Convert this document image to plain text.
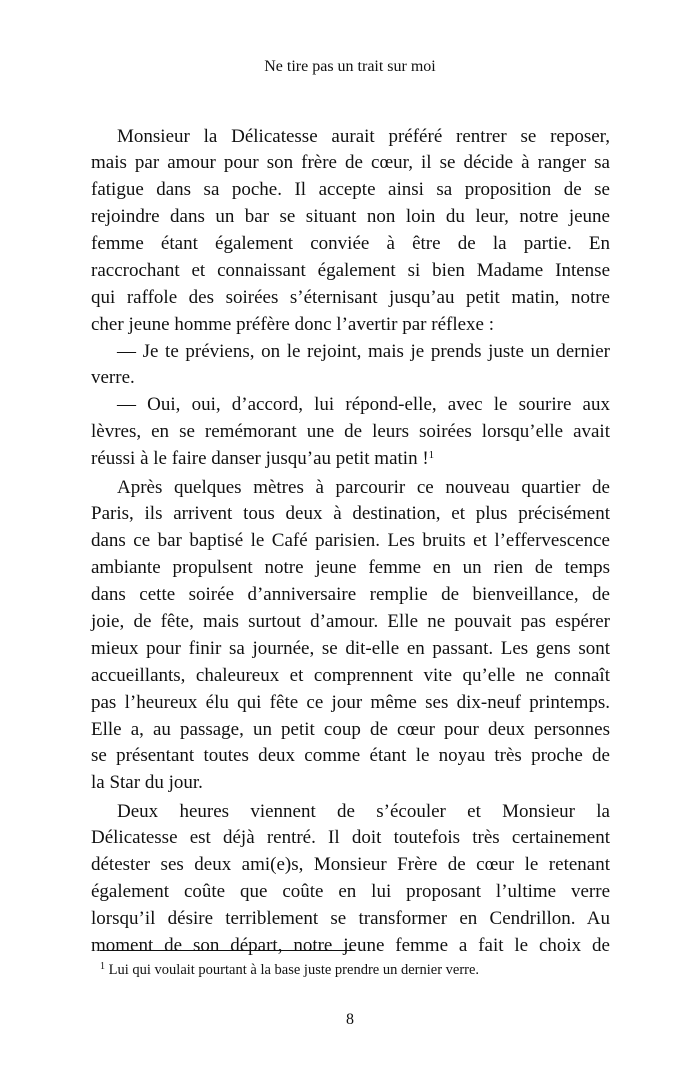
Ne tire pas un trait sur moi
Monsieur la Délicatesse aurait préféré rentrer se reposer,
mais par amour pour son frère de cœur, il se décide à ranger sa
fatigue dans sa poche. Il accepte ainsi sa proposition de se
rejoindre dans un bar se situant non loin du leur, notre jeune
femme étant également conviée à être de la partie. En
raccrochant et connaissant également si bien Madame Intense
qui raffole des soirées s’éternisant jusqu’au petit matin, notre
cher jeune homme préfère donc l’avertir par réflexe :
— Je te préviens, on le rejoint, mais je prends juste un dernier
verre.
— Oui, oui, d’accord, lui répond-elle, avec le sourire aux
lèvres, en se remémorant une de leurs soirées lorsqu’elle avait
réussi à le faire danser jusqu’au petit matin !$^1$
Après quelques mètres à parcourir ce nouveau quartier de
Paris, ils arrivent tous deux à destination, et plus précisément
dans ce bar baptisé le Café parisien. Les bruits et l’effervescence
ambiante propulsent notre jeune femme en un rien de temps
dans cette soirée d’anniversaire remplie de bienveillance, de
joie, de fête, mais surtout d’amour. Elle ne pouvait pas espérer
mieux pour finir sa journée, se dit-elle en passant. Les gens sont
accueillants, chaleureux et comprennent vite qu’elle ne connaît
pas l’heureux élu qui fête ce jour même ses dix-neuf printemps.
Elle a, au passage, un petit coup de cœur pour deux personnes
se présentant toutes deux comme étant le noyau très proche de
la Star du jour.
Deux heures viennent de s’écouler et Monsieur la
Délicatesse est déjà rentré. Il doit toutefois très certainement
détester ses deux ami(e)s, Monsieur Frère de cœur le retenant
également coûte que coûte en lui proposant l’ultime verre
lorsqu’il désire terriblement se transformer en Cendrillon. Au
moment de son départ, notre jeune femme a fait le choix de
$^1$ Lui qui voulait pourtant à la base juste prendre un dernier verre.
8
